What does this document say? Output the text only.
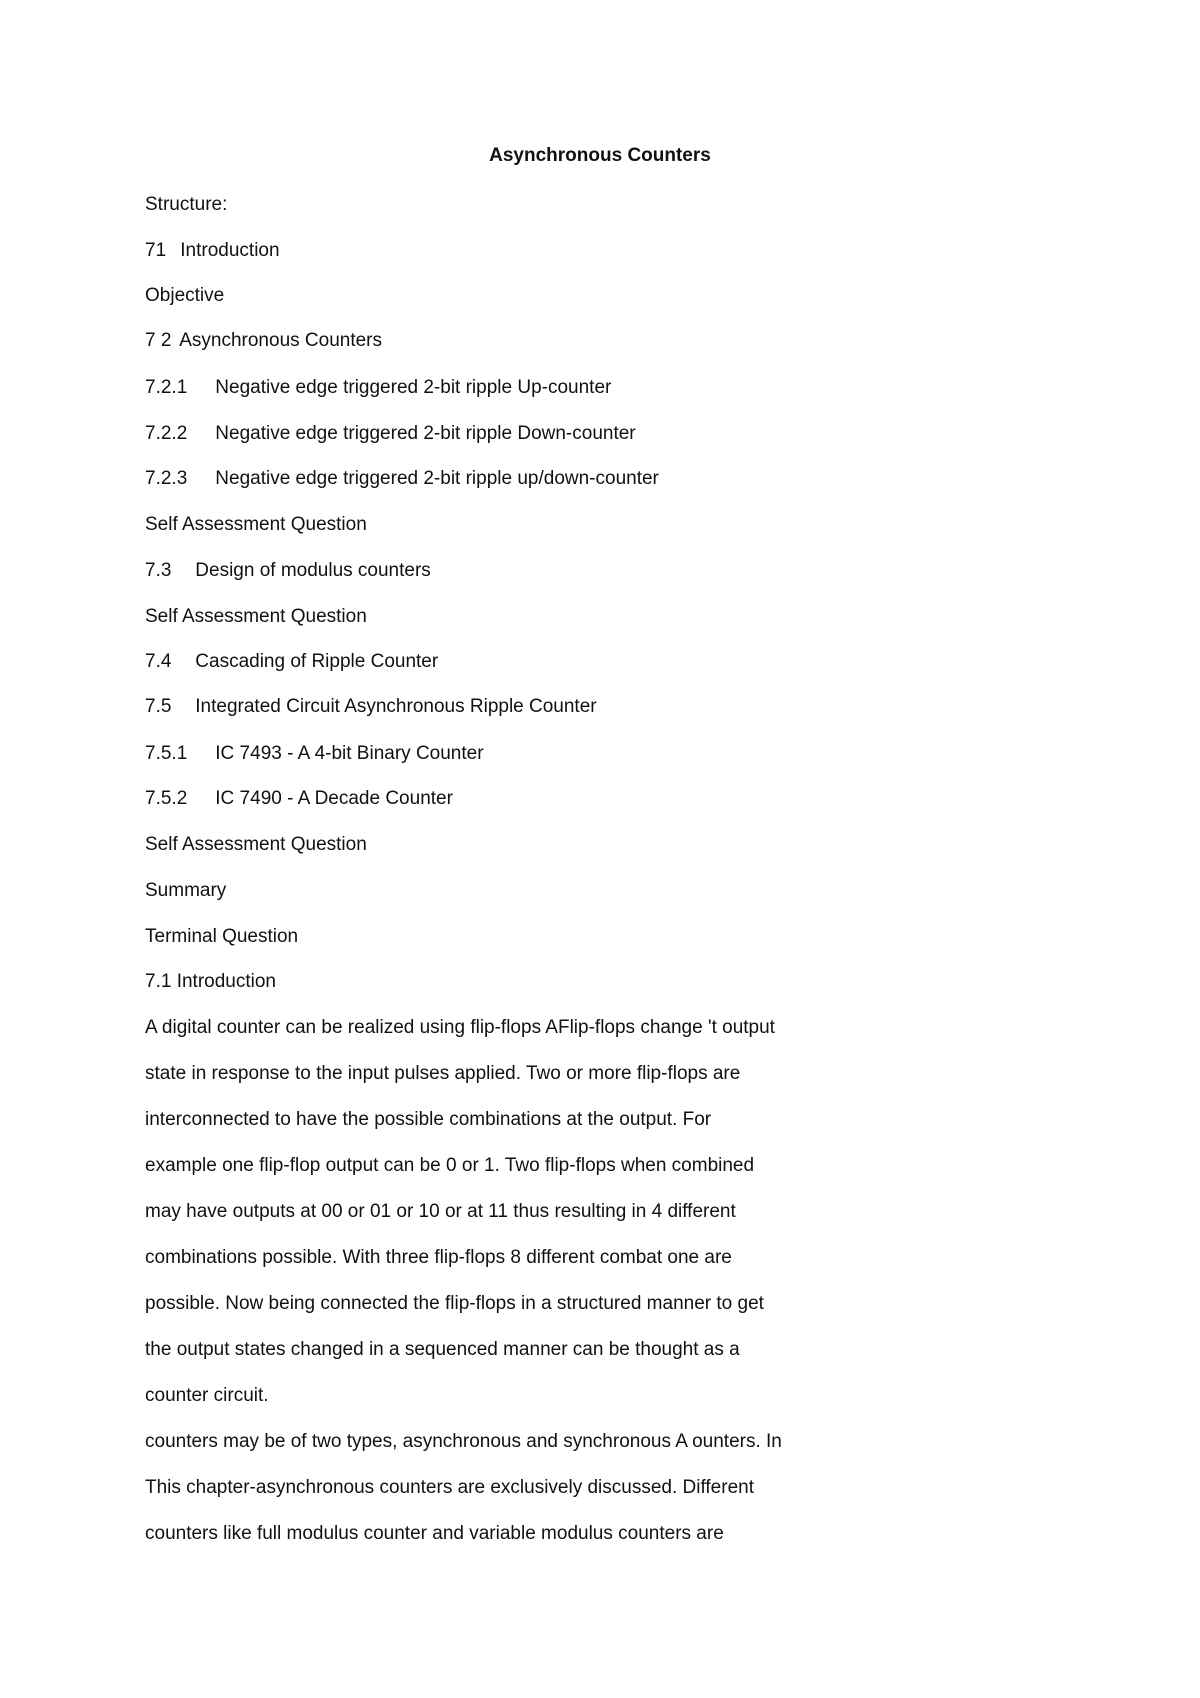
Asynchronous Counters

Structure:

71 Introduction

Objective

7 2 Asynchronous Counters

7.2.1 Negative edge triggered 2-bit ripple Up-counter

7.2.2 Negative edge triggered 2-bit ripple Down-counter

7.2.3 Negative edge triggered 2-bit ripple up/down-counter

Self Assessment Question

7.3 Design of modulus counters

Self Assessment Question

7.4 Cascading of Ripple Counter

7.5 Integrated Circuit Asynchronous Ripple Counter

7.5.1 IC 7493 - A 4-bit Binary Counter

7.5.2 IC 7490 - A Decade Counter

Self Assessment Question

Summary

Terminal Question

7.1 Introduction

A digital counter can be realized using flip-flops AFlip-flops change 't output

state in response to the input pulses applied. Two or more flip-flops are

interconnected to have the possible combinations at the output. For

example one flip-flop output can be 0 or 1. Two flip-flops when combined

may have outputs at 00 or 01 or 10 or at 11 thus resulting in 4 different

combinations possible. With three flip-flops 8 different combat one are

possible. Now being connected the flip-flops in a structured manner to get

the output states changed in a sequenced manner can be thought as a

counter circuit.

counters may be of two types, asynchronous and synchronous A ounters. In

This chapter-asynchronous counters are exclusively discussed. Different

counters like full modulus counter and variable modulus counters are
